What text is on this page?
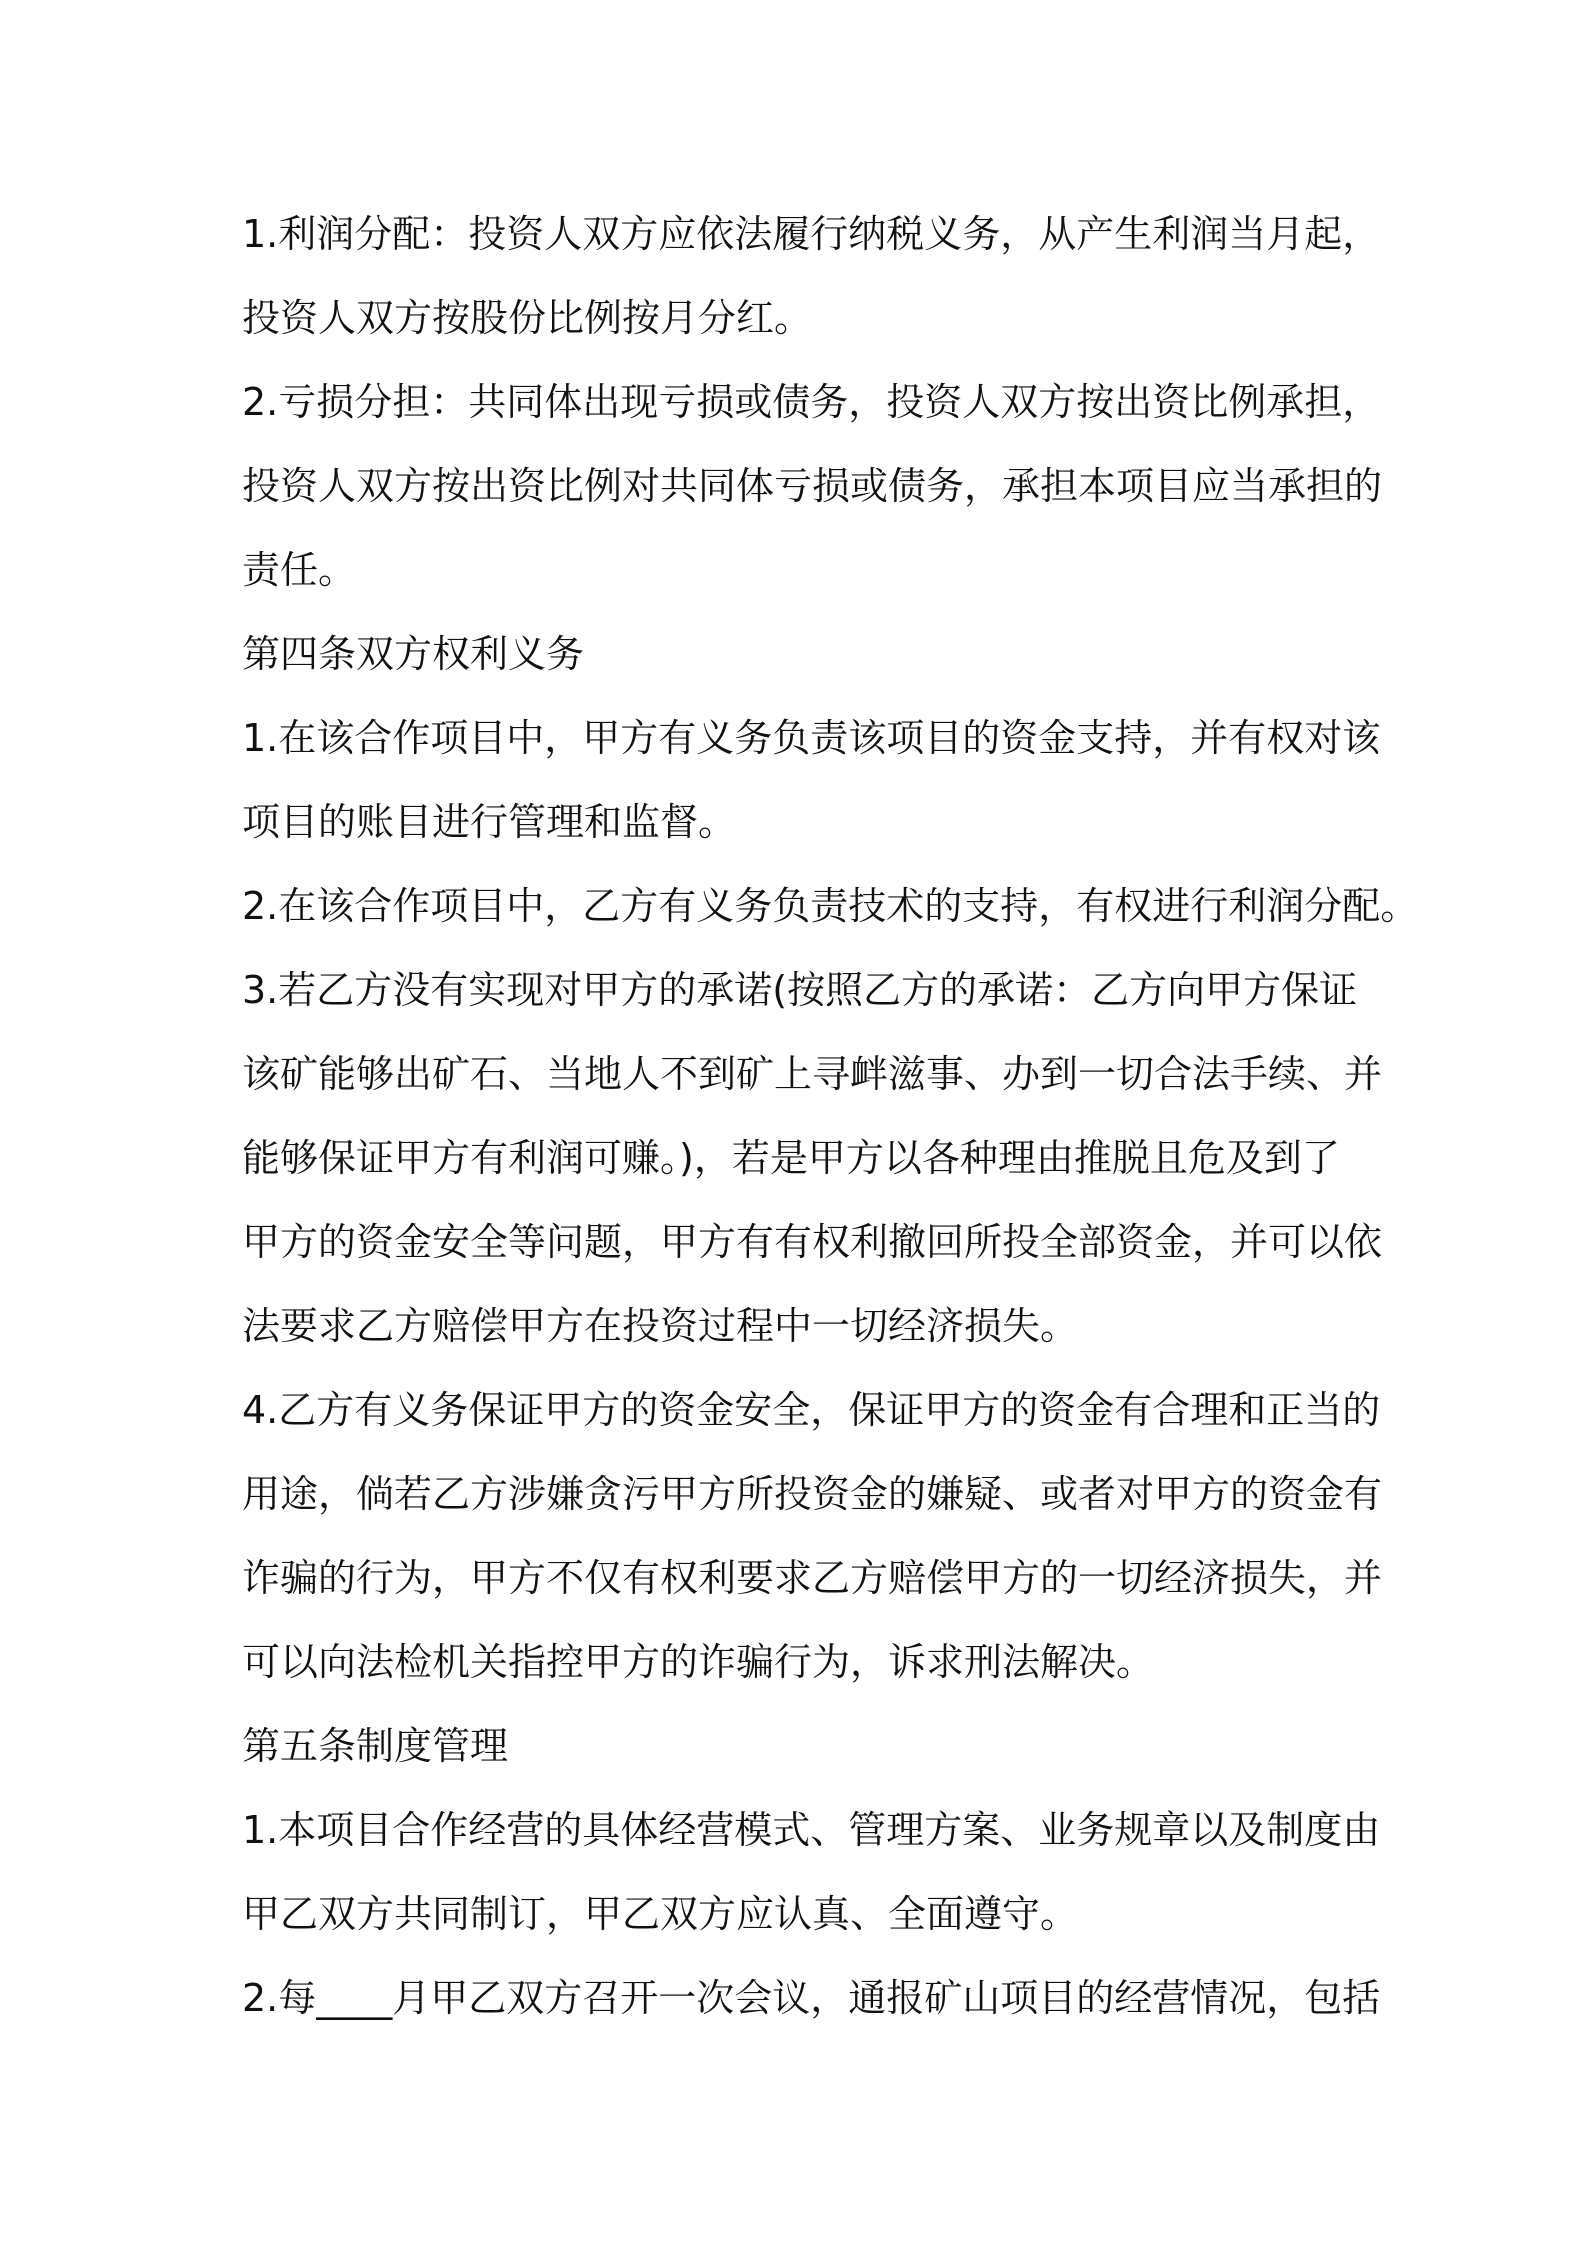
1.利润分配：投资人双方应依法履行纳税义务，从产生利润当月起，
投资人双方按股份比例按月分红。
2.亏损分担：共同体出现亏损或债务，投资人双方按出资比例承担，
投资人双方按出资比例对共同体亏损或债务，承担本项目应当承担的
责任。
第四条双方权利义务
1.在该合作项目中，甲方有义务负责该项目的资金支持，并有权对该
项目的账目进行管理和监督。
2.在该合作项目中，乙方有义务负责技术的支持，有权进行利润分配。
3.若乙方没有实现对甲方的承诺(按照乙方的承诺：乙方向甲方保证
该矿能够出矿石、当地人不到矿上寻衅滋事、办到一切合法手续、并
能够保证甲方有利润可赚。)，若是甲方以各种理由推脱且危及到了
甲方的资金安全等问题，甲方有有权利撤回所投全部资金，并可以依
法要求乙方赔偿甲方在投资过程中一切经济损失。
4.乙方有义务保证甲方的资金安全，保证甲方的资金有合理和正当的
用途，倘若乙方涉嫌贪污甲方所投资金的嫌疑、或者对甲方的资金有
诈骗的行为，甲方不仅有权利要求乙方赔偿甲方的一切经济损失，并
可以向法检机关指控甲方的诈骗行为，诉求刑法解决。
第五条制度管理
1.本项目合作经营的具体经营模式、管理方案、业务规章以及制度由
甲乙双方共同制订，甲乙双方应认真、全面遵守。
2.每____月甲乙双方召开一次会议，通报矿山项目的经营情况，包括
